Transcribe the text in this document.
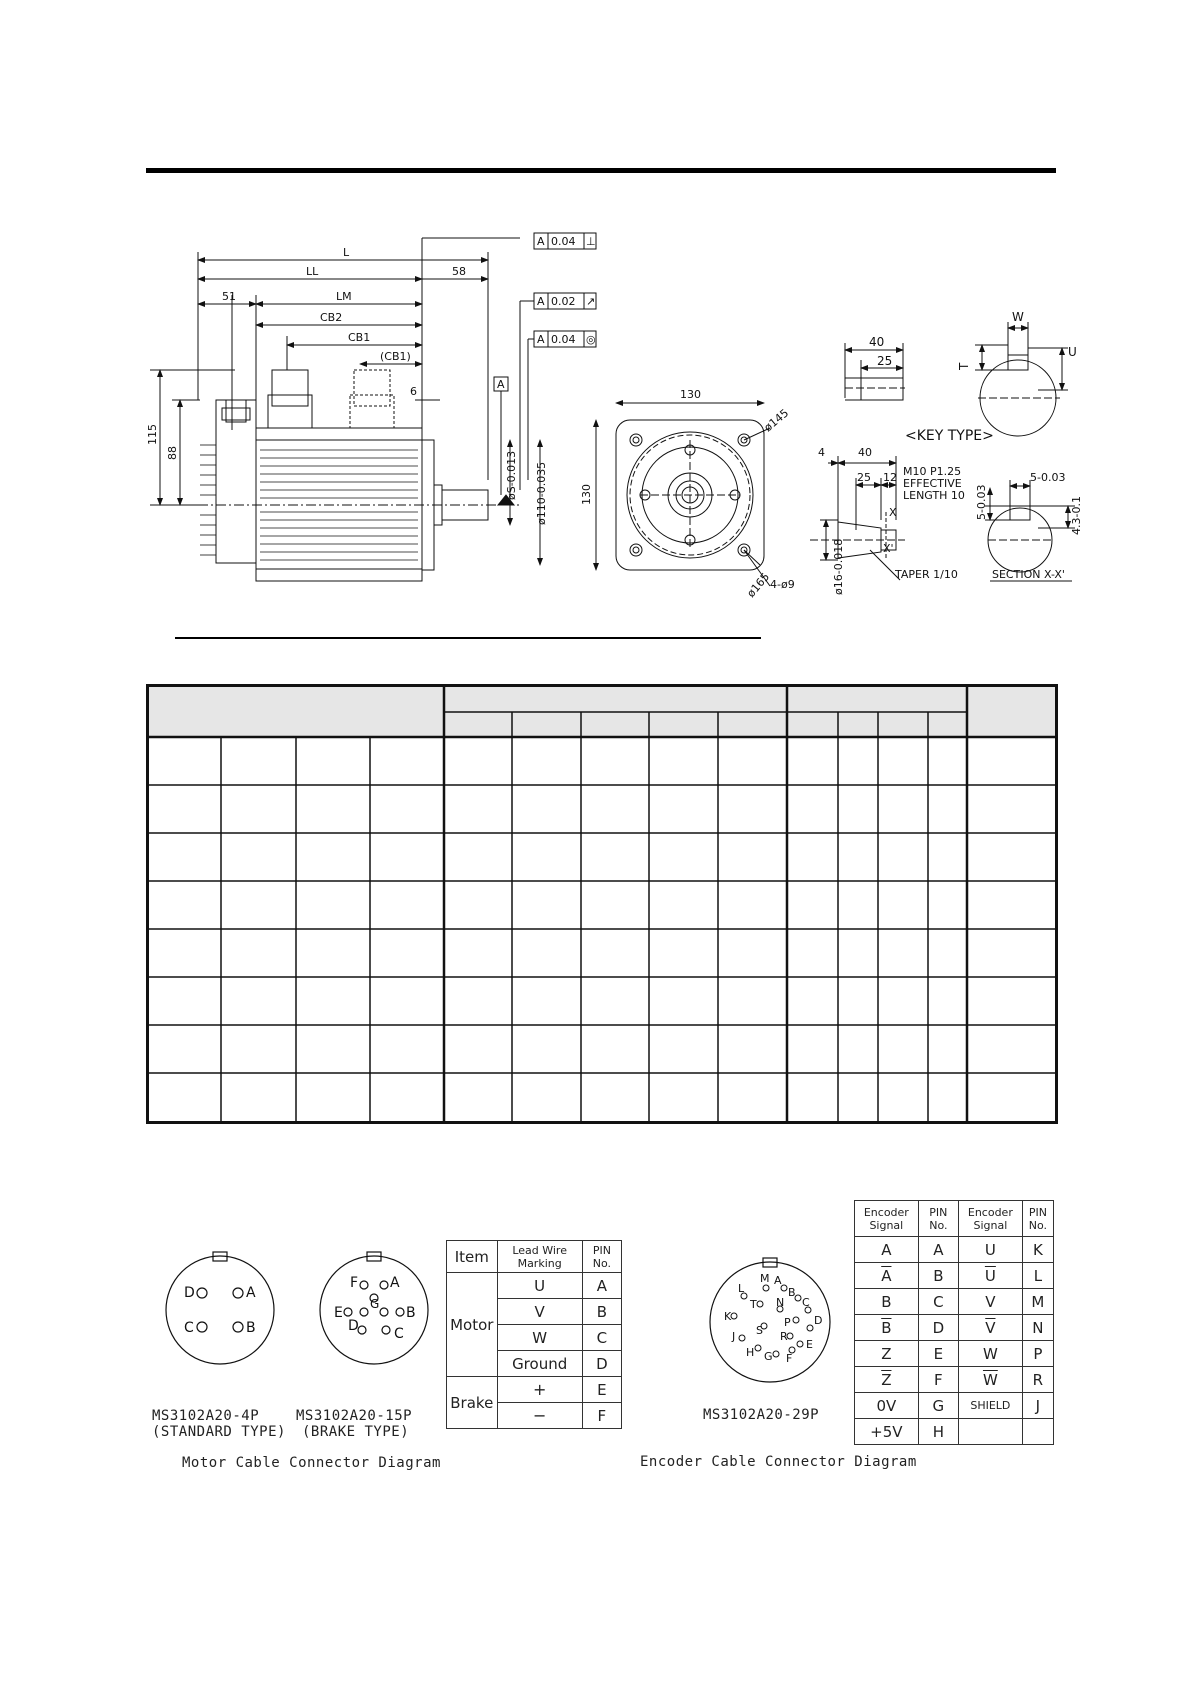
L
LL	58
51	LM
CB2
CB1
(CB1)
6
115
88	øS-0.013 ø110-0.035
A
A 0.04 ⊥
A 0.02 ↗
A 0.04 ◎
130
130
ø145
ø165
4-ø9
40
25
W
U
T
<KEY TYPE>
4	40
25 12 M10 P1.25
EFFECTIVE
LENGTH 10
X
X'
TAPER 1/10
ø16-0.018
5-0.03
5-0.03	4.3-0.1
SECTION X-X'
D	A
C	B
F A
G
E	B
D	C
MS3102A20-4P
(STANDARD TYPE)
MS3102A20-15P
(BRAKE TYPE)
Motor Cable Connector Diagram
Item	Lead Wire Marking	PIN No.
Motor	U	A
	V	B
	W	C
	Ground	D
Brake	+	E
	−	F
M A
L
T
B
N
P
C
K
S R
D
J
H G F
E
MS3102A20-29P
Encoder Cable Connector Diagram
Encoder Signal	PIN No.	Encoder Signal	PIN No.
A	A	U	K
$\overline{A}$	B	$\overline{U}$	L
B	C	V	M
$\overline{B}$	D	$\overline{V}$	N
Z	E	W	P
$\overline{Z}$	F	$\overline{W}$	R
0V	G	SHIELD	J
+5V	H		
